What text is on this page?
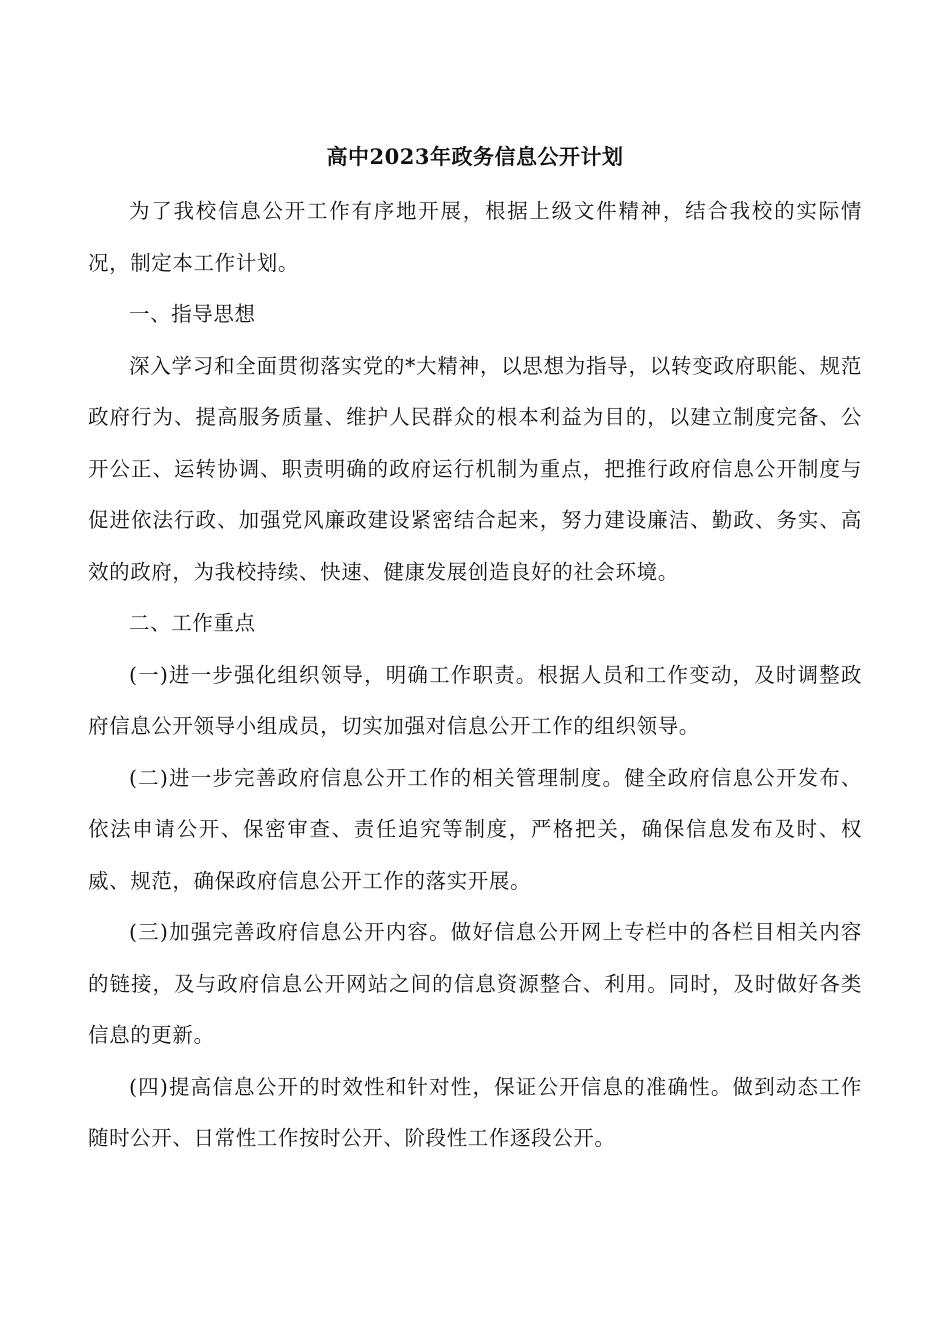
高中2023年政务信息公开计划

为了我校信息公开工作有序地开展，根据上级文件精神，结合我校的实际情况，制定本工作计划。

一、指导思想

深入学习和全面贯彻落实党的*大精神，以思想为指导，以转变政府职能、规范政府行为、提高服务质量、维护人民群众的根本利益为目的，以建立制度完备、公开公正、运转协调、职责明确的政府运行机制为重点，把推行政府信息公开制度与促进依法行政、加强党风廉政建设紧密结合起来，努力建设廉洁、勤政、务实、高效的政府，为我校持续、快速、健康发展创造良好的社会环境。

二、工作重点

(一)进一步强化组织领导，明确工作职责。根据人员和工作变动，及时调整政府信息公开领导小组成员，切实加强对信息公开工作的组织领导。

(二)进一步完善政府信息公开工作的相关管理制度。健全政府信息公开发布、依法申请公开、保密审查、责任追究等制度，严格把关，确保信息发布及时、权威、规范，确保政府信息公开工作的落实开展。

(三)加强完善政府信息公开内容。做好信息公开网上专栏中的各栏目相关内容的链接，及与政府信息公开网站之间的信息资源整合、利用。同时，及时做好各类信息的更新。

(四)提高信息公开的时效性和针对性，保证公开信息的准确性。做到动态工作随时公开、日常性工作按时公开、阶段性工作逐段公开。
